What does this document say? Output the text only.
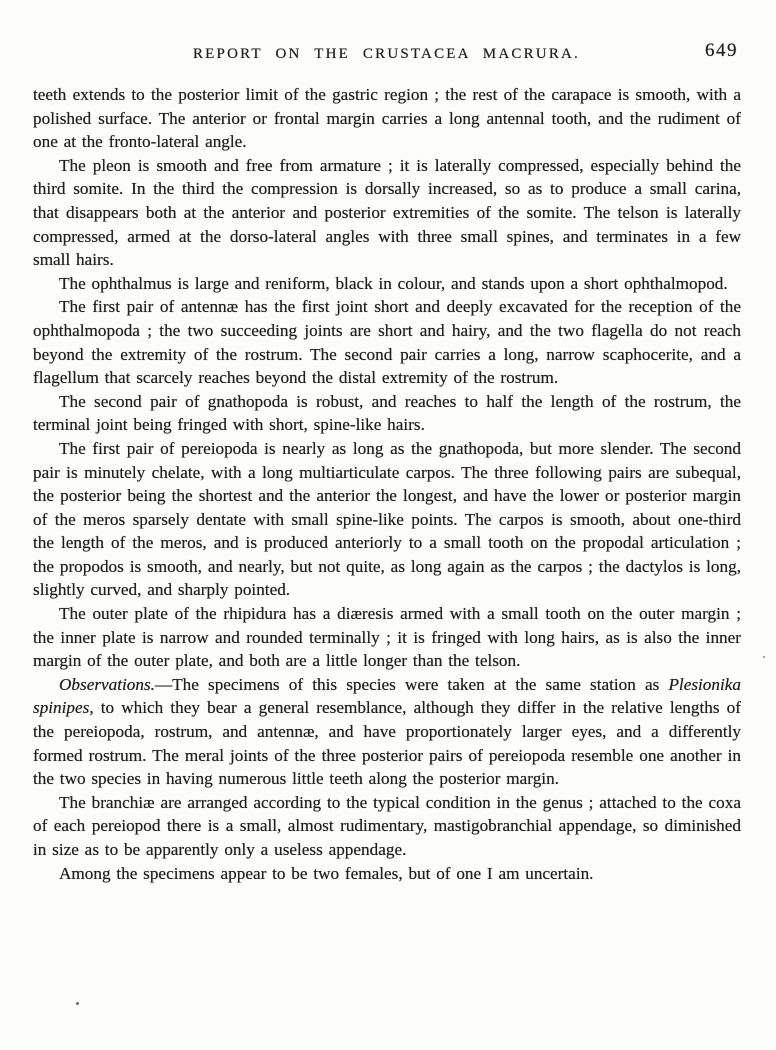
REPORT ON THE CRUSTACEA MACRURA.	649

teeth extends to the posterior limit of the gastric region ; the rest of the carapace is smooth, with a polished surface. The anterior or frontal margin carries a long antennal tooth, and the rudiment of one at the fronto-lateral angle.

The pleon is smooth and free from armature ; it is laterally compressed, especially behind the third somite. In the third the compression is dorsally increased, so as to produce a small carina, that disappears both at the anterior and posterior extremities of the somite. The telson is laterally compressed, armed at the dorso-lateral angles with three small spines, and terminates in a few small hairs.

The ophthalmus is large and reniform, black in colour, and stands upon a short ophthalmopod.

The first pair of antennæ has the first joint short and deeply excavated for the reception of the ophthalmopoda ; the two succeeding joints are short and hairy, and the two flagella do not reach beyond the extremity of the rostrum. The second pair carries a long, narrow scaphocerite, and a flagellum that scarcely reaches beyond the distal extremity of the rostrum.

The second pair of gnathopoda is robust, and reaches to half the length of the rostrum, the terminal joint being fringed with short, spine-like hairs.

The first pair of pereiopoda is nearly as long as the gnathopoda, but more slender. The second pair is minutely chelate, with a long multiarticulate carpos. The three following pairs are subequal, the posterior being the shortest and the anterior the longest, and have the lower or posterior margin of the meros sparsely dentate with small spine-like points. The carpos is smooth, about one-third the length of the meros, and is produced anteriorly to a small tooth on the propodal articulation ; the propodos is smooth, and nearly, but not quite, as long again as the carpos ; the dactylos is long, slightly curved, and sharply pointed.

The outer plate of the rhipidura has a diæresis armed with a small tooth on the outer margin ; the inner plate is narrow and rounded terminally ; it is fringed with long hairs, as is also the inner margin of the outer plate, and both are a little longer than the telson.

Observations.—The specimens of this species were taken at the same station as Plesionika spinipes, to which they bear a general resemblance, although they differ in the relative lengths of the pereiopoda, rostrum, and antennæ, and have proportionately larger eyes, and a differently formed rostrum. The meral joints of the three posterior pairs of pereiopoda resemble one another in the two species in having numerous little teeth along the posterior margin.

The branchiæ are arranged according to the typical condition in the genus ; attached to the coxa of each pereiopod there is a small, almost rudimentary, mastigobranchial appendage, so diminished in size as to be apparently only a useless appendage.

Among the specimens appear to be two females, but of one I am uncertain.
